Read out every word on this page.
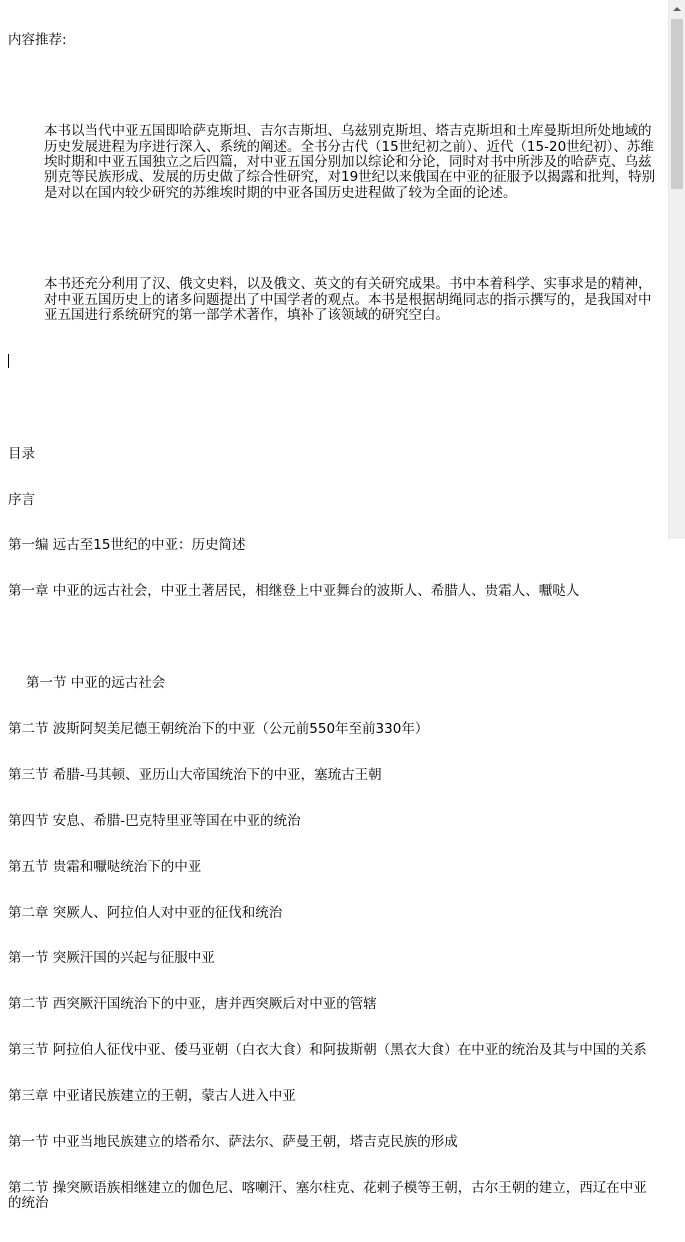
内容推荐:

本书以当代中亚五国即哈萨克斯坦、吉尔吉斯坦、乌兹别克斯坦、塔吉克斯坦和土库曼斯坦所处地域的历史发展进程为序进行深入、系统的阐述。全书分古代（15世纪初之前）、近代（15-20世纪初）、苏维埃时期和中亚五国独立之后四篇，对中亚五国分别加以综论和分论，同时对书中所涉及的哈萨克、乌兹别克等民族形成、发展的历史做了综合性研究，对19世纪以来俄国在中亚的征服予以揭露和批判，特别是对以在国内较少研究的苏维埃时期的中亚各国历史进程做了较为全面的论述。

本书还充分利用了汉、俄文史料，以及俄文、英文的有关研究成果。书中本着科学、实事求是的精神，对中亚五国历史上的诸多问题提出了中国学者的观点。本书是根据胡绳同志的指示撰写的，是我国对中亚五国进行系统研究的第一部学术著作，填补了该领域的研究空白。

目录

序言

第一编 远古至15世纪的中亚：历史简述

第一章 中亚的远古社会，中亚土著居民，相继登上中亚舞台的波斯人、希腊人、贵霜人、嚈哒人

第一节 中亚的远古社会

第二节 波斯阿契美尼德王朝统治下的中亚（公元前550年至前330年）

第三节 希腊-马其顿、亚历山大帝国统治下的中亚，塞琉古王朝

第四节 安息、希腊-巴克特里亚等国在中亚的统治

第五节 贵霜和嚈哒统治下的中亚

第二章 突厥人、阿拉伯人对中亚的征伐和统治

第一节 突厥汗国的兴起与征服中亚

第二节 西突厥汗国统治下的中亚，唐并西突厥后对中亚的管辖

第三节 阿拉伯人征伐中亚、倭马亚朝（白衣大食）和阿拔斯朝（黑衣大食）在中亚的统治及其与中国的关系

第三章 中亚诸民族建立的王朝，蒙古人进入中亚

第一节 中亚当地民族建立的塔希尔、萨法尔、萨曼王朝，塔吉克民族的形成

第二节 操突厥语族相继建立的伽色尼、喀喇汗、塞尔柱克、花剌子模等王朝，古尔王朝的建立，西辽在中亚的统治
